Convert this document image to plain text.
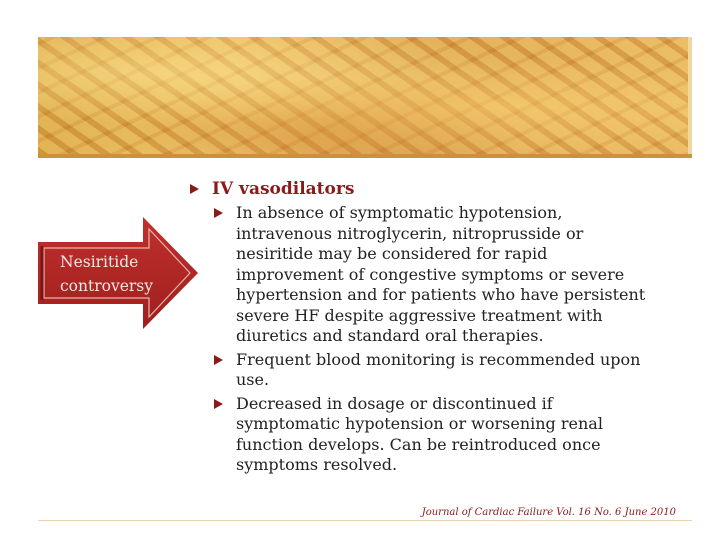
Nesiritide controversy
IV vasodilators
In absence of symptomatic hypotension, intravenous nitroglycerin, nitroprusside or nesiritide may be considered for rapid improvement of congestive symptoms or severe hypertension and for patients who have persistent severe HF despite aggressive treatment with diuretics and standard oral therapies.
Frequent blood monitoring is recommended upon use.
Decreased in dosage or discontinued if symptomatic hypotension or worsening renal function develops. Can be reintroduced once symptoms resolved.
Journal of Cardiac Failure Vol. 16 No. 6 June 2010
